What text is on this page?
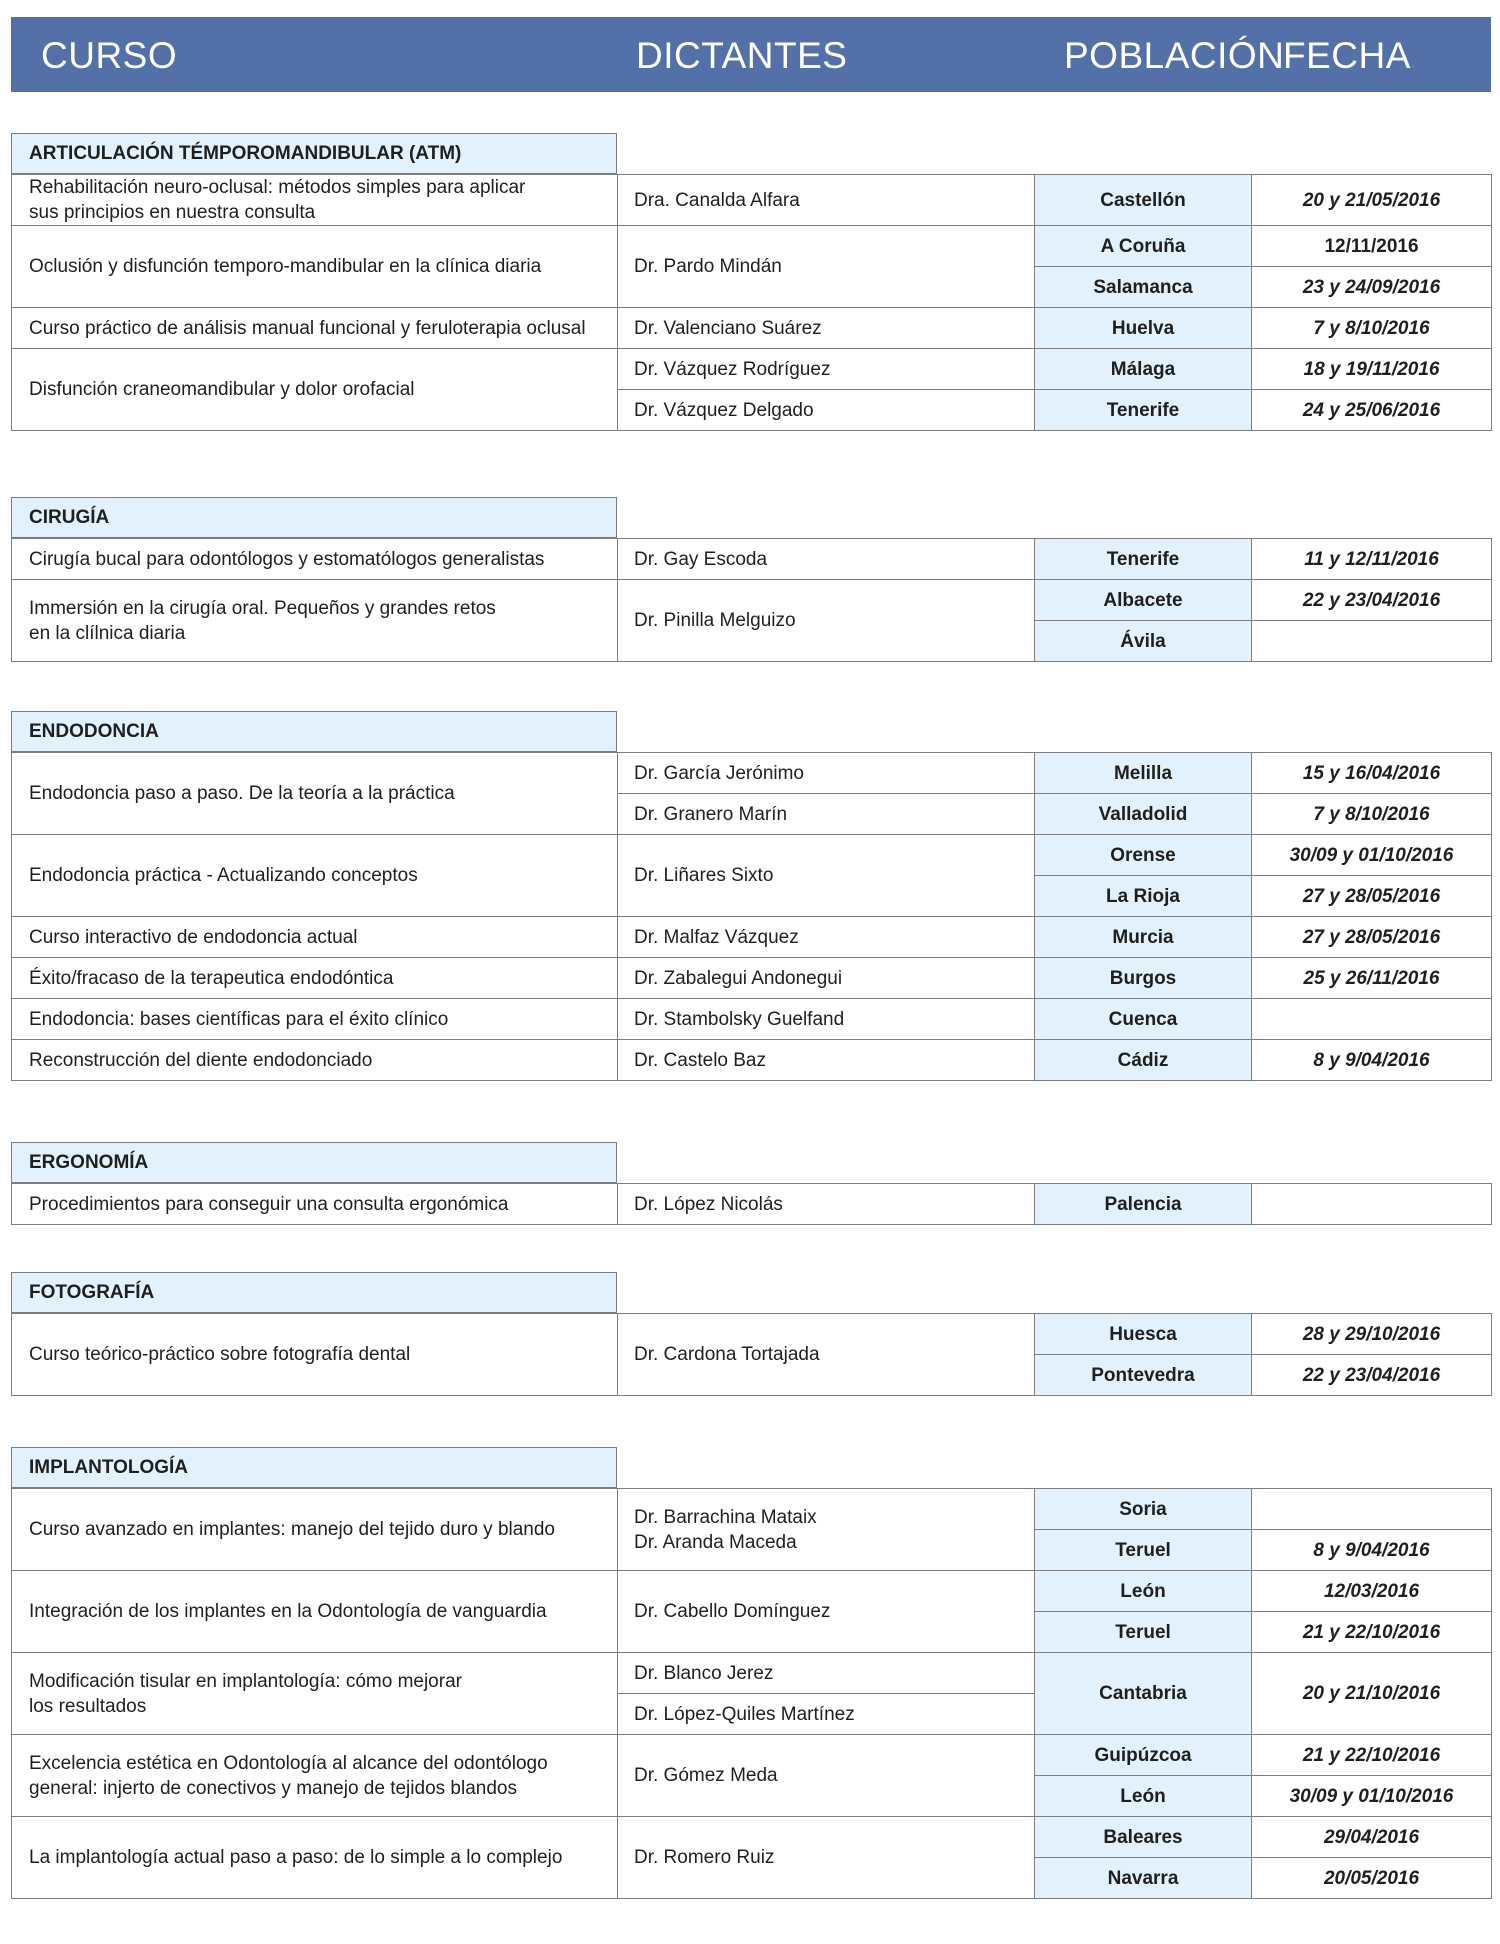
CURSO	DICTANTES	POBLACIÓN
FECHA
ARTICULACIÓN TÉMPOROMANDIBULAR (ATM)
Rehabilitación neuro-oclusal: métodos simples para aplicar
sus principios en nuestra consulta	Dra. Canalda Alfara	Castellón	20 y 21/05/2016

Oclusión y disfunción temporo-mandibular en la clínica diaria	Dr. Pardo Mindán	A Coruña	12/11/2016
		Salamanca	23 y 24/09/2016

Curso práctico de análisis manual funcional y feruloterapia oclusal	Dr. Valenciano Suárez	Huelva	7 y 8/10/2016

Disfunción craneomandibular y dolor orofacial	Dr. Vázquez Rodríguez	Málaga	18 y 19/11/2016
	Dr. Vázquez Delgado	Tenerife	24 y 25/06/2016
CIRUGÍA
Cirugía bucal para odontólogos y estomatólogos generalistas	Dr. Gay Escoda	Tenerife	11 y 12/11/2016

Immersión en la cirugía oral. Pequeños y grandes retos
en la clílnica diaria	Dr. Pinilla Melguizo	Albacete	22 y 23/04/2016
		Ávila	
ENDODONCIA
Endodoncia paso a paso. De la teoría a la práctica	Dr. García Jerónimo	Melilla	15 y 16/04/2016
	Dr. Granero Marín	Valladolid	7 y 8/10/2016

Endodoncia práctica - Actualizando conceptos	Dr. Liñares Sixto	Orense	30/09 y 01/10/2016
		La Rioja	27 y 28/05/2016

Curso interactivo de endodoncia actual	Dr. Malfaz Vázquez	Murcia	27 y 28/05/2016

Éxito/fracaso de la terapeutica endodóntica	Dr. Zabalegui Andonegui	Burgos	25 y 26/11/2016

Endodoncia: bases científicas para el éxito clínico	Dr. Stambolsky Guelfand	Cuenca	

Reconstrucción del diente endodonciado	Dr. Castelo Baz	Cádiz	8 y 9/04/2016
ERGONOMÍA
Procedimientos para conseguir una consulta ergonómica	Dr. López Nicolás	Palencia	
FOTOGRAFÍA
Curso teórico-práctico sobre fotografía dental	Dr. Cardona Tortajada	Huesca	28 y 29/10/2016
		Pontevedra	22 y 23/04/2016
IMPLANTOLOGÍA
Curso avanzado en implantes: manejo del tejido duro y blando	Dr. Barrachina Mataix
Dr. Aranda Maceda	Soria	
		Teruel	8 y 9/04/2016

Integración de los implantes en la Odontología de vanguardia	Dr. Cabello Domínguez	León	12/03/2016
		Teruel	21 y 22/10/2016

Modificación tisular en implantología: cómo mejorar
los resultados	Dr. Blanco Jerez	Cantabria	20 y 21/10/2016
	Dr. López-Quiles Martínez		

Excelencia estética en Odontología al alcance del odontólogo
general: injerto de conectivos y manejo de tejidos blandos	Dr. Gómez Meda	Guipúzcoa	21 y 22/10/2016
		León	30/09 y 01/10/2016

La implantología actual paso a paso: de lo simple a lo complejo	Dr. Romero Ruiz	Baleares	29/04/2016
		Navarra	20/05/2016
